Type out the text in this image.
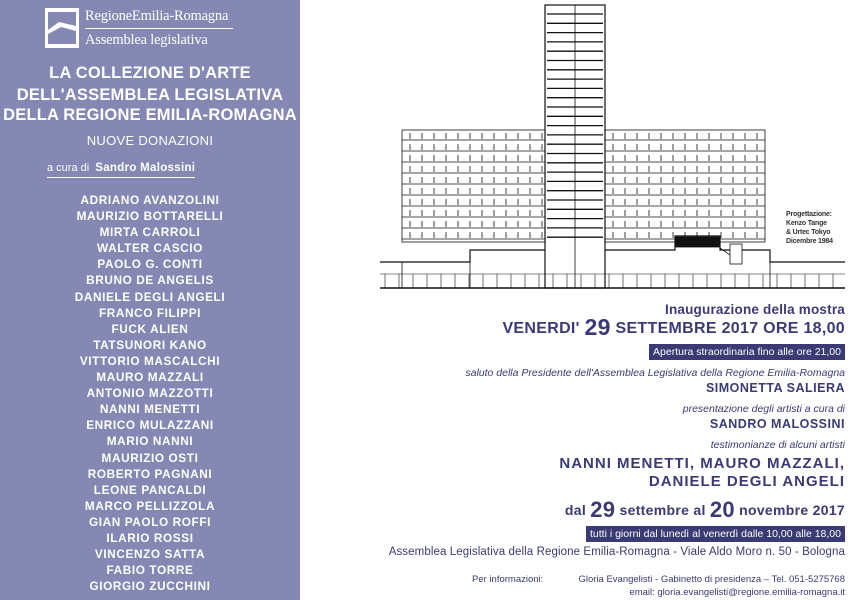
RegioneEmilia-Romagna
Assemblea legislativa
LA COLLEZIONE D'ARTE
DELL'ASSEMBLEA LEGISLATIVA
DELLA REGIONE EMILIA-ROMAGNA
NUOVE DONAZIONI
a cura di Sandro Malossini
ADRIANO AVANZOLINI
MAURIZIO BOTTARELLI
MIRTA CARROLI
WALTER CASCIO
PAOLO G. CONTI
BRUNO DE ANGELIS
DANIELE DEGLI ANGELI
FRANCO FILIPPI
FUCK ALIEN
TATSUNORI KANO
VITTORIO MASCALCHI
MAURO MAZZALI
ANTONIO MAZZOTTI
NANNI MENETTI
ENRICO MULAZZANI
MARIO NANNI
MAURIZIO OSTI
ROBERTO PAGNANI
LEONE PANCALDI
MARCO PELLIZZOLA
GIAN PAOLO ROFFI
ILARIO ROSSI
VINCENZO SATTA
FABIO TORRE
GIORGIO ZUCCHINI
Progettazione:
Kenzo Tange
& Urtec Tokyo
Dicembre 1984
Inaugurazione della mostra
VENERDI' 29 SETTEMBRE 2017 ORE 18,00
Apertura straordinaria fino alle ore 21,00
saluto della Presidente dell'Assemblea Legislativa della Regione Emilia-Romagna
SIMONETTA SALIERA
presentazione degli artisti a cura di
SANDRO MALOSSINI
testimonianze di alcuni artisti
NANNI MENETTI, MAURO MAZZALI,
DANIELE DEGLI ANGELI
dal 29 settembre al 20 novembre 2017
tutti i giorni dal lunedì al venerdì dalle 10,00 alle 18,00
Assemblea Legislativa della Regione Emilia-Romagna - Viale Aldo Moro n. 50 - Bologna
Per informazioni:	Gloria Evangelisti - Gabinetto di presidenza – Tel. 051-5275768
email: gloria.evangelisti@regione.emilia-romagna.it
